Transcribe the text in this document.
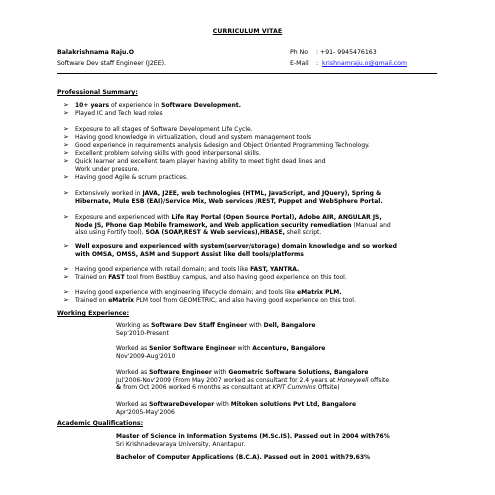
CURRICULUM VITAE
Balakrishnama Raju.O
Software Dev staff Engineer (J2EE).
Ph No : +91- 9945476163
E-Mail : krishnamraju.o@gmail.com
Professional Summary:
➢ 10+ years of experience in Software Development.
➢ Played IC and Tech lead roles
➢ Exposure to all stages of Software Development Life Cycle.
➢ Having good knowledge in virtualization, cloud and system management tools
➢ Good experience in requirements analysis &design and Object Oriented Programming Technology.
➢ Excellent problem solving skills with good interpersonal skills.
➢ Quick learner and excellent team player having ability to meet tight dead lines and
Work under pressure.
➢ Having good Agile & scrum practices.
➢ Extensively worked in JAVA, J2EE, web technologies (HTML, JavaScript, and JQuery), Spring &
Hibernate, Mule ESB (EAI)/Service Mix, Web services /REST, Puppet and WebSphere Portal.
➢ Exposure and experienced with Life Ray Portal (Open Source Portal), Adobe AIR, ANGULAR JS,
Node JS, Phone Gap Mobile framework, and Web application security remediation (Manual and
also using Fortify tool), SOA (SOAP,REST & Web services),HBASE, shell script.
➢ Well exposure and experienced with system(server/storage) domain knowledge and so worked
with OMSA, OMSS, ASM and Support Assist like dell tools/platforms
➢ Having good experience with retail domain; and tools like FAST, YANTRA.
➢ Trained on FAST tool from BestBuy campus, and also having good experience on this tool.
➢ Having good experience with engineering lifecycle domain; and tools like eMatrix PLM.
➢ Trained on eMatrix PLM tool from GEOMETRIC, and also having good experience on this tool.
Working Experience:
Working as Software Dev Staff Engineer with Dell, Bangalore
Sep'2010-Present
Worked as Senior Software Engineer with Accenture, Bangalore
Nov'2009-Aug'2010
Worked as Software Engineer with Geometric Software Solutions, Bangalore
Jul'2006-Nov'2009 (From May 2007 worked as consultant for 2.4 years at Honeywell offsite
& from Oct 2006 worked 6 months as consultant at KPIT Cummins Offsite)
Worked as SoftwareDeveloper with Mitoken solutions Pvt Ltd, Bangalore
Apr'2005-May'2006
Academic Qualifications:
Master of Science in Information Systems (M.Sc.IS). Passed out in 2004 with76%
Sri Krishnadevaraya University, Anantapur.
Bachelor of Computer Applications (B.C.A). Passed out in 2001 with79.63%
